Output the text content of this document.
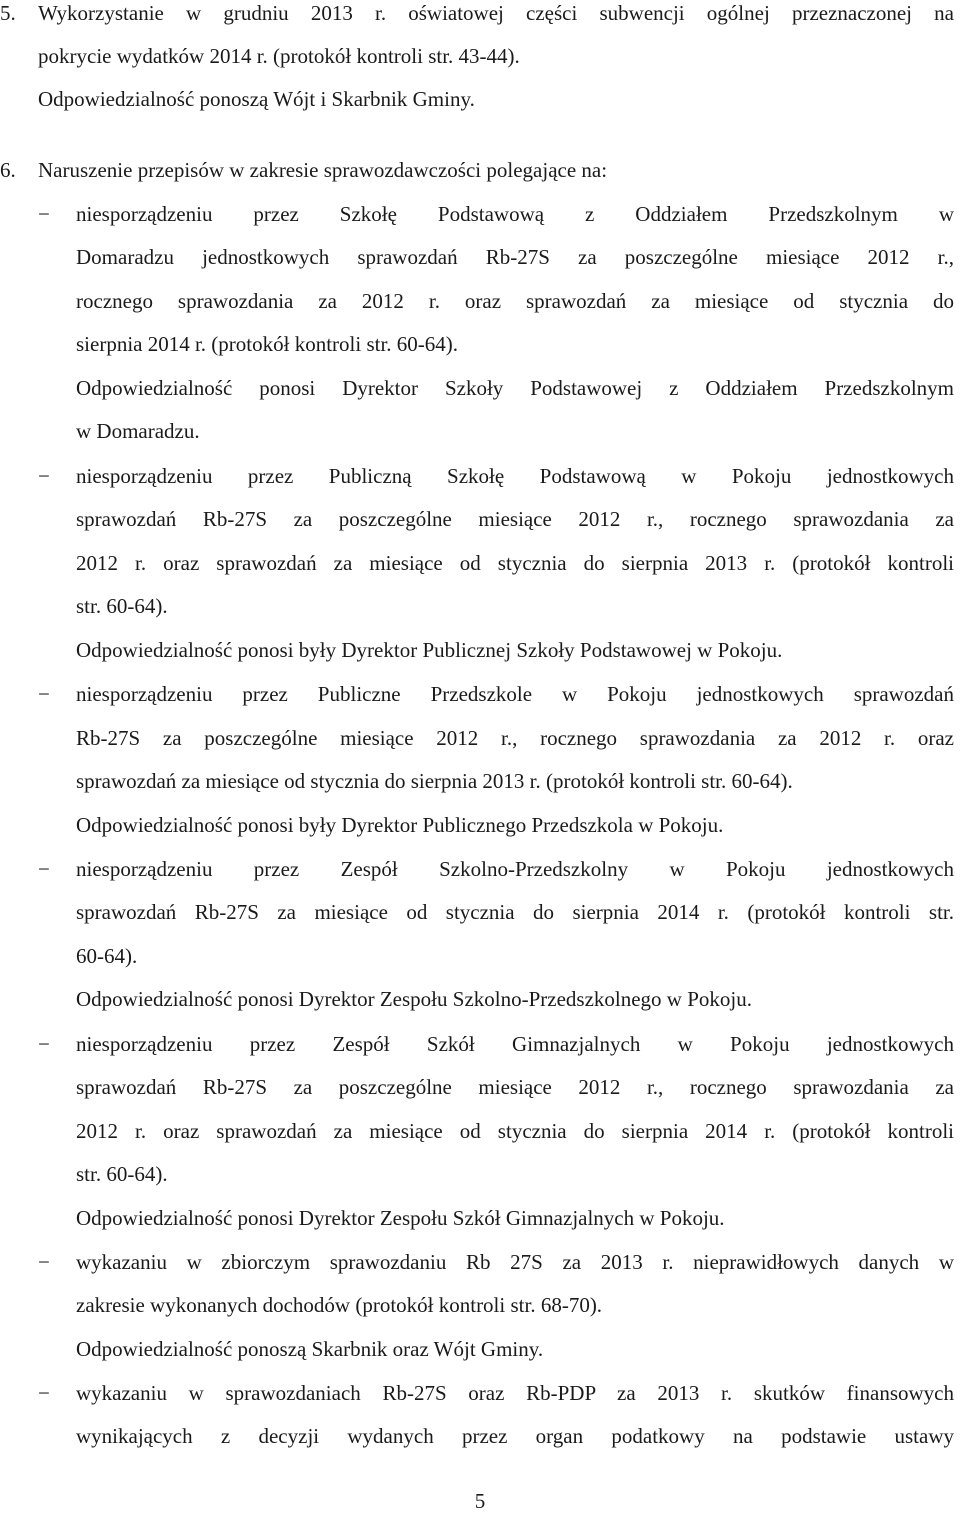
5. Wykorzystanie w grudniu 2013 r. oświatowej części subwencji ogólnej przeznaczonej na

pokrycie wydatków 2014 r. (protokół kontroli str. 43-44).

Odpowiedzialność ponoszą Wójt i Skarbnik Gminy.

6. Naruszenie przepisów w zakresie sprawozdawczości polegające na:

− niesporządzeniu przez Szkołę Podstawową z Oddziałem Przedszkolnym w

Domaradzu jednostkowych sprawozdań Rb-27S za poszczególne miesiące 2012 r.,

rocznego sprawozdania za 2012 r. oraz sprawozdań za miesiące od stycznia do

sierpnia 2014 r. (protokół kontroli str. 60-64).

Odpowiedzialność ponosi Dyrektor Szkoły Podstawowej z Oddziałem Przedszkolnym

w Domaradzu.

− niesporządzeniu przez Publiczną Szkołę Podstawową w Pokoju jednostkowych

sprawozdań Rb-27S za poszczególne miesiące 2012 r., rocznego sprawozdania za

2012 r. oraz sprawozdań za miesiące od stycznia do sierpnia 2013 r. (protokół kontroli

str. 60-64).

Odpowiedzialność ponosi były Dyrektor Publicznej Szkoły Podstawowej w Pokoju.

− niesporządzeniu przez Publiczne Przedszkole w Pokoju jednostkowych sprawozdań

Rb-27S za poszczególne miesiące 2012 r., rocznego sprawozdania za 2012 r. oraz

sprawozdań za miesiące od stycznia do sierpnia 2013 r. (protokół kontroli str. 60-64).

Odpowiedzialność ponosi były Dyrektor Publicznego Przedszkola w Pokoju.

− niesporządzeniu przez Zespół Szkolno-Przedszkolny w Pokoju jednostkowych

sprawozdań Rb-27S za miesiące od stycznia do sierpnia 2014 r. (protokół kontroli str.

60-64).

Odpowiedzialność ponosi Dyrektor Zespołu Szkolno-Przedszkolnego w Pokoju.

− niesporządzeniu przez Zespół Szkół Gimnazjalnych w Pokoju jednostkowych

sprawozdań Rb-27S za poszczególne miesiące 2012 r., rocznego sprawozdania za

2012 r. oraz sprawozdań za miesiące od stycznia do sierpnia 2014 r. (protokół kontroli

str. 60-64).

Odpowiedzialność ponosi Dyrektor Zespołu Szkół Gimnazjalnych w Pokoju.

− wykazaniu w zbiorczym sprawozdaniu Rb 27S za 2013 r. nieprawidłowych danych w

zakresie wykonanych dochodów (protokół kontroli str. 68-70).

Odpowiedzialność ponoszą Skarbnik oraz Wójt Gminy.

− wykazaniu w sprawozdaniach Rb-27S oraz Rb-PDP za 2013 r. skutków finansowych

wynikających z decyzji wydanych przez organ podatkowy na podstawie ustawy

5
